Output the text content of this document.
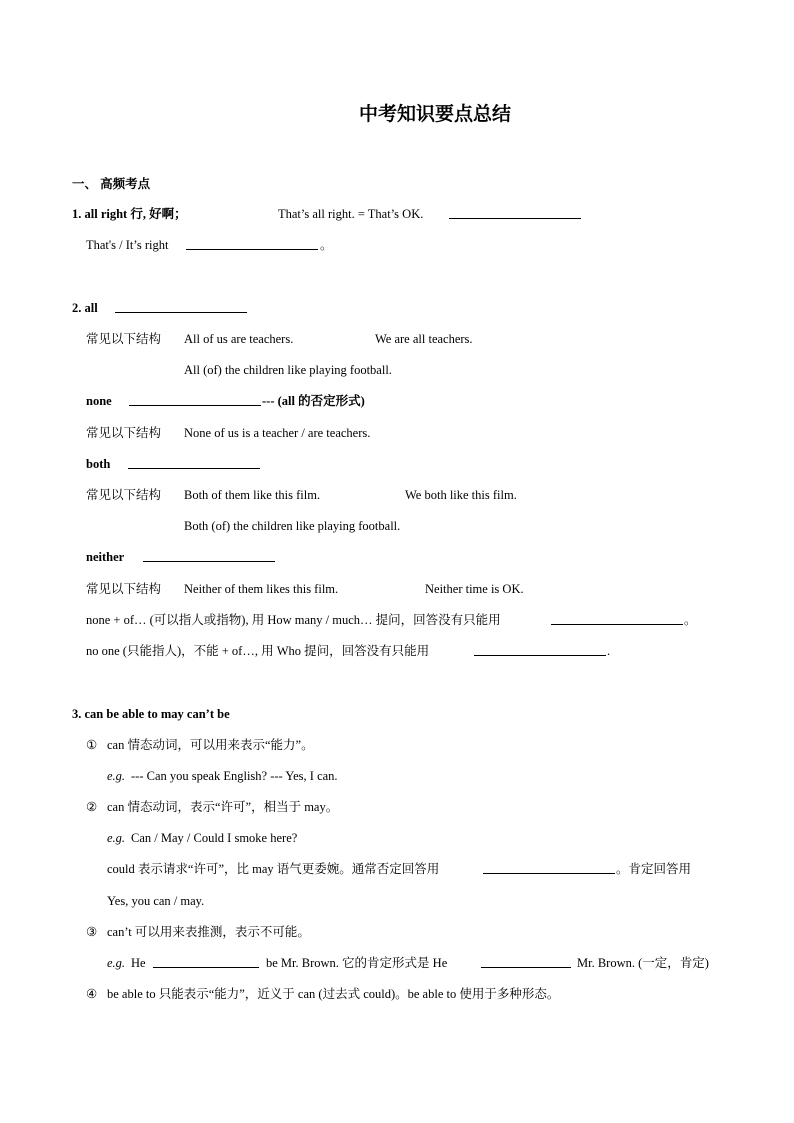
中考知识要点总结
一、 高频考点
1. all right 行, 好啊；	That’s all right. = That’s OK.
That's / It’s right	。
2. all
常见以下结构 All of us are teachers.	We are all teachers.
All (of) the children like playing football.
none	--- (all 的否定形式)
常见以下结构 None of us is a teacher / are teachers.
both
常见以下结构 Both of them like this film.	We both like this film.
Both (of) the children like playing football.
neither
常见以下结构 Neither of them likes this film.	Neither time is OK.
none + of… (可以指人或指物), 用 How many / much… 提问，回答没有只能用	。
no one (只能指人)，不能 + of…, 用 Who 提问，回答没有只能用	.
3. can be able to may can’t be
① can 情态动词，可以用来表示“能力”。
e.g. --- Can you speak English? --- Yes, I can.
② can 情态动词，表示“许可”，相当于 may。
e.g. Can / May / Could I smoke here?
could 表示请求“许可”，比 may 语气更委婉。通常否定回答用	。肯定回答用
Yes, you can / may.
③ can’t 可以用来表推测，表示不可能。
e.g. He	be Mr. Brown. 它的肯定形式是 He	Mr. Brown. (一定，肯定)
④ be able to 只能表示“能力”，近义于 can (过去式 could)。be able to 使用于多种形态。
